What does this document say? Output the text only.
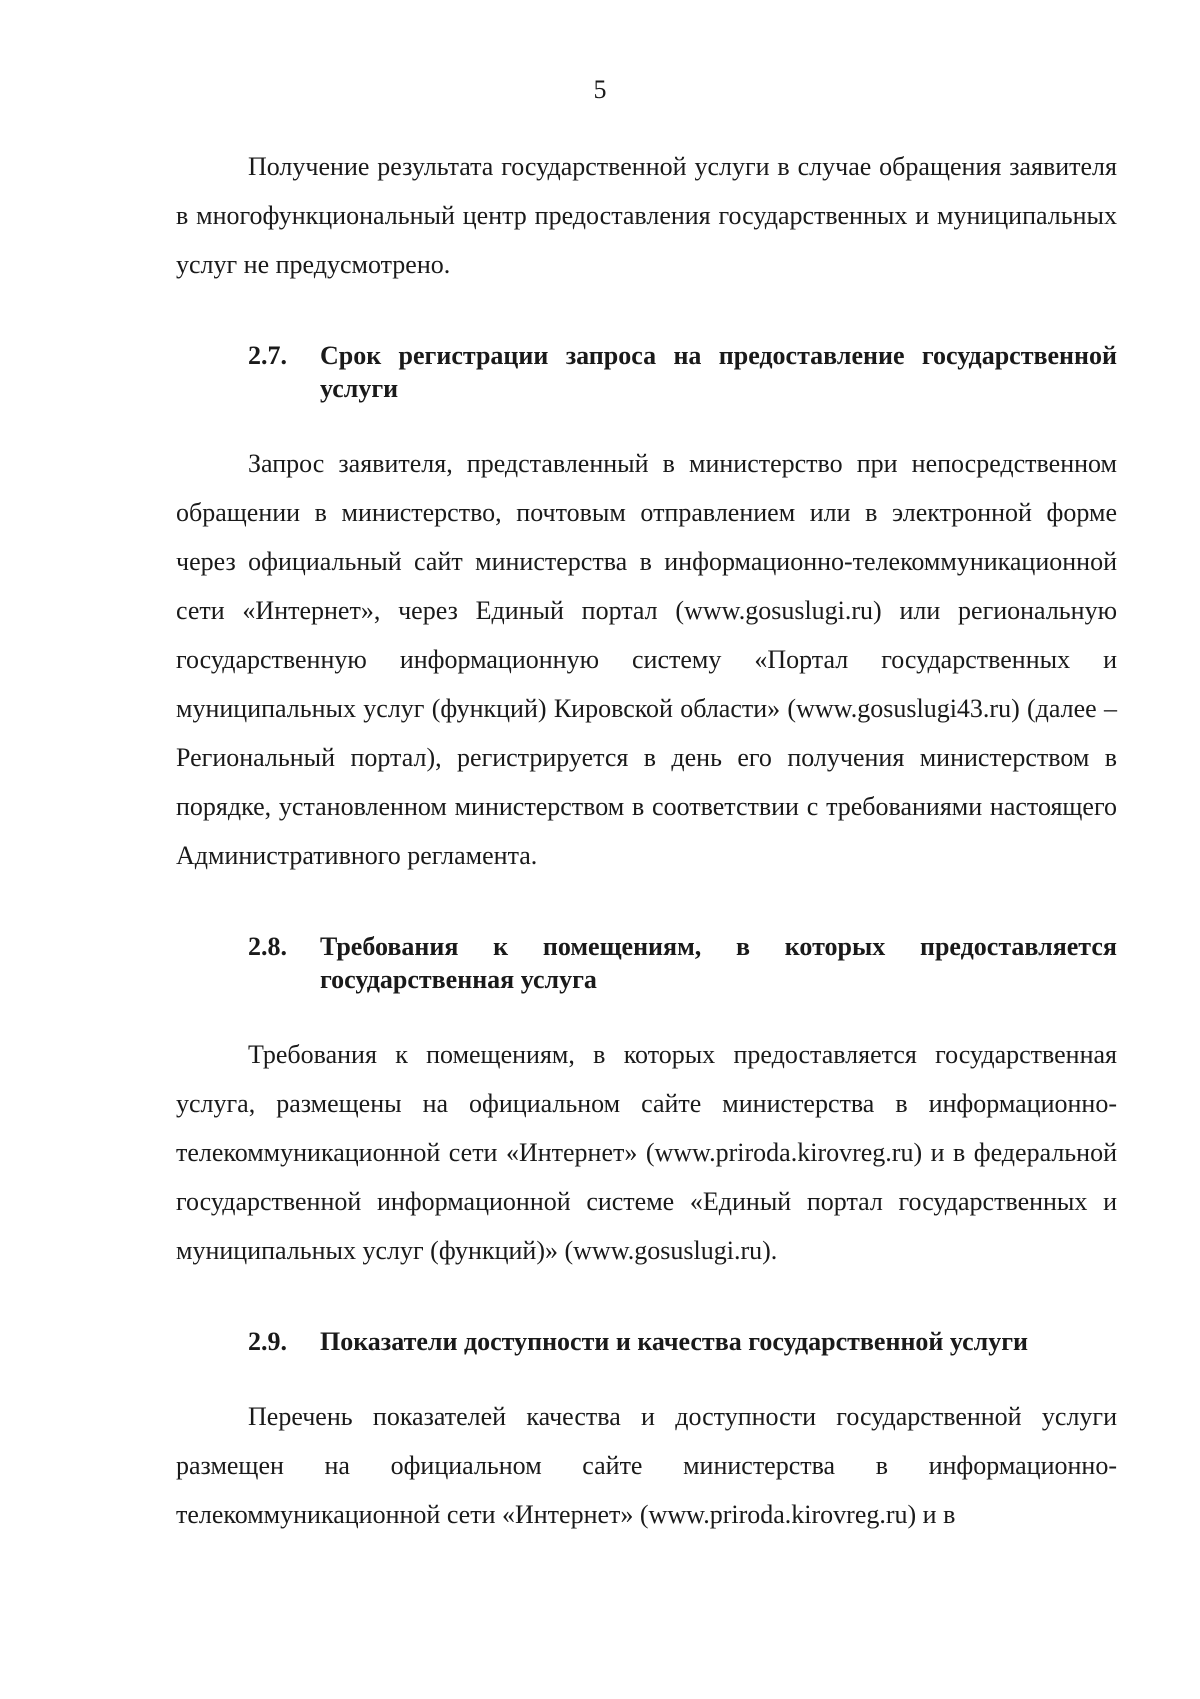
5

Получение результата государственной услуги в случае обращения заявителя в многофункциональный центр предоставления государственных и муниципальных услуг не предусмотрено.

2.7.	Срок регистрации запроса на предоставление государственной услуги

Запрос заявителя, представленный в министерство при непосредственном обращении в министерство, почтовым отправлением или в электронной форме через официальный сайт министерства в информационно-телекоммуникационной сети «Интернет», через Единый портал (www.gosuslugi.ru) или региональную государственную информационную систему «Портал государственных и муниципальных услуг (функций) Кировской области» (www.gosuslugi43.ru) (далее – Региональный портал), регистрируется в день его получения министерством в порядке, установленном министерством в соответствии с требованиями настоящего Административного регламента.

2.8.	Требования к помещениям, в которых предоставляется государственная услуга

Требования к помещениям, в которых предоставляется государственная услуга, размещены на официальном сайте министерства в информационно-телекоммуникационной сети «Интернет» (www.priroda.kirovreg.ru) и в федеральной государственной информационной системе «Единый портал государственных и муниципальных услуг (функций)» (www.gosuslugi.ru).

2.9.	Показатели доступности и качества государственной услуги

Перечень показателей качества и доступности государственной услуги размещен на официальном сайте министерства в информационно-телекоммуникационной сети «Интернет» (www.priroda.kirovreg.ru) и в
